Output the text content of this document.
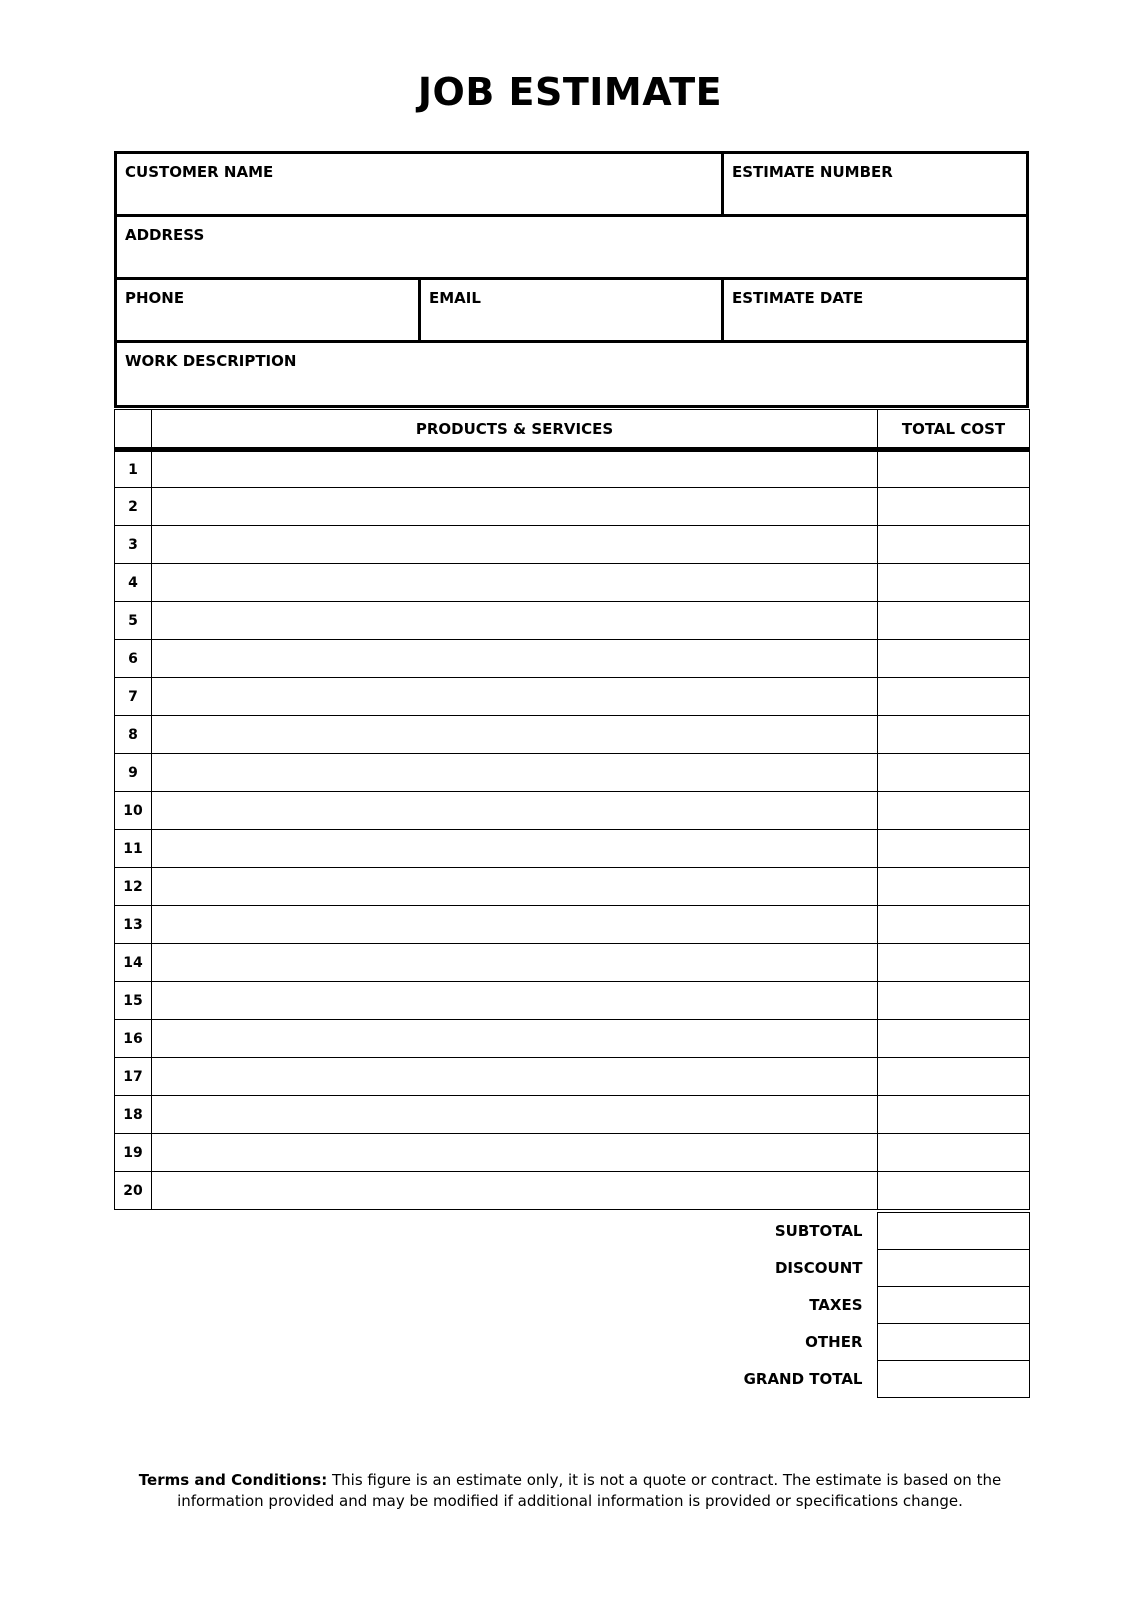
JOB ESTIMATE
CUSTOMER NAME	ESTIMATE NUMBER
ADDRESS
PHONE	EMAIL	ESTIMATE DATE
WORK DESCRIPTION
	PRODUCTS & SERVICES	TOTAL COST
1		
2		
3		
4		
5		
6		
7		
8		
9		
10		
11		
12		
13		
14		
15		
16		
17		
18		
19		
20		
SUBTOTAL	
DISCOUNT	
TAXES	
OTHER	
GRAND TOTAL	
Terms and Conditions: This figure is an estimate only, it is not a quote or contract. The estimate is based on the information provided and may be modified if additional information is provided or specifications change.
